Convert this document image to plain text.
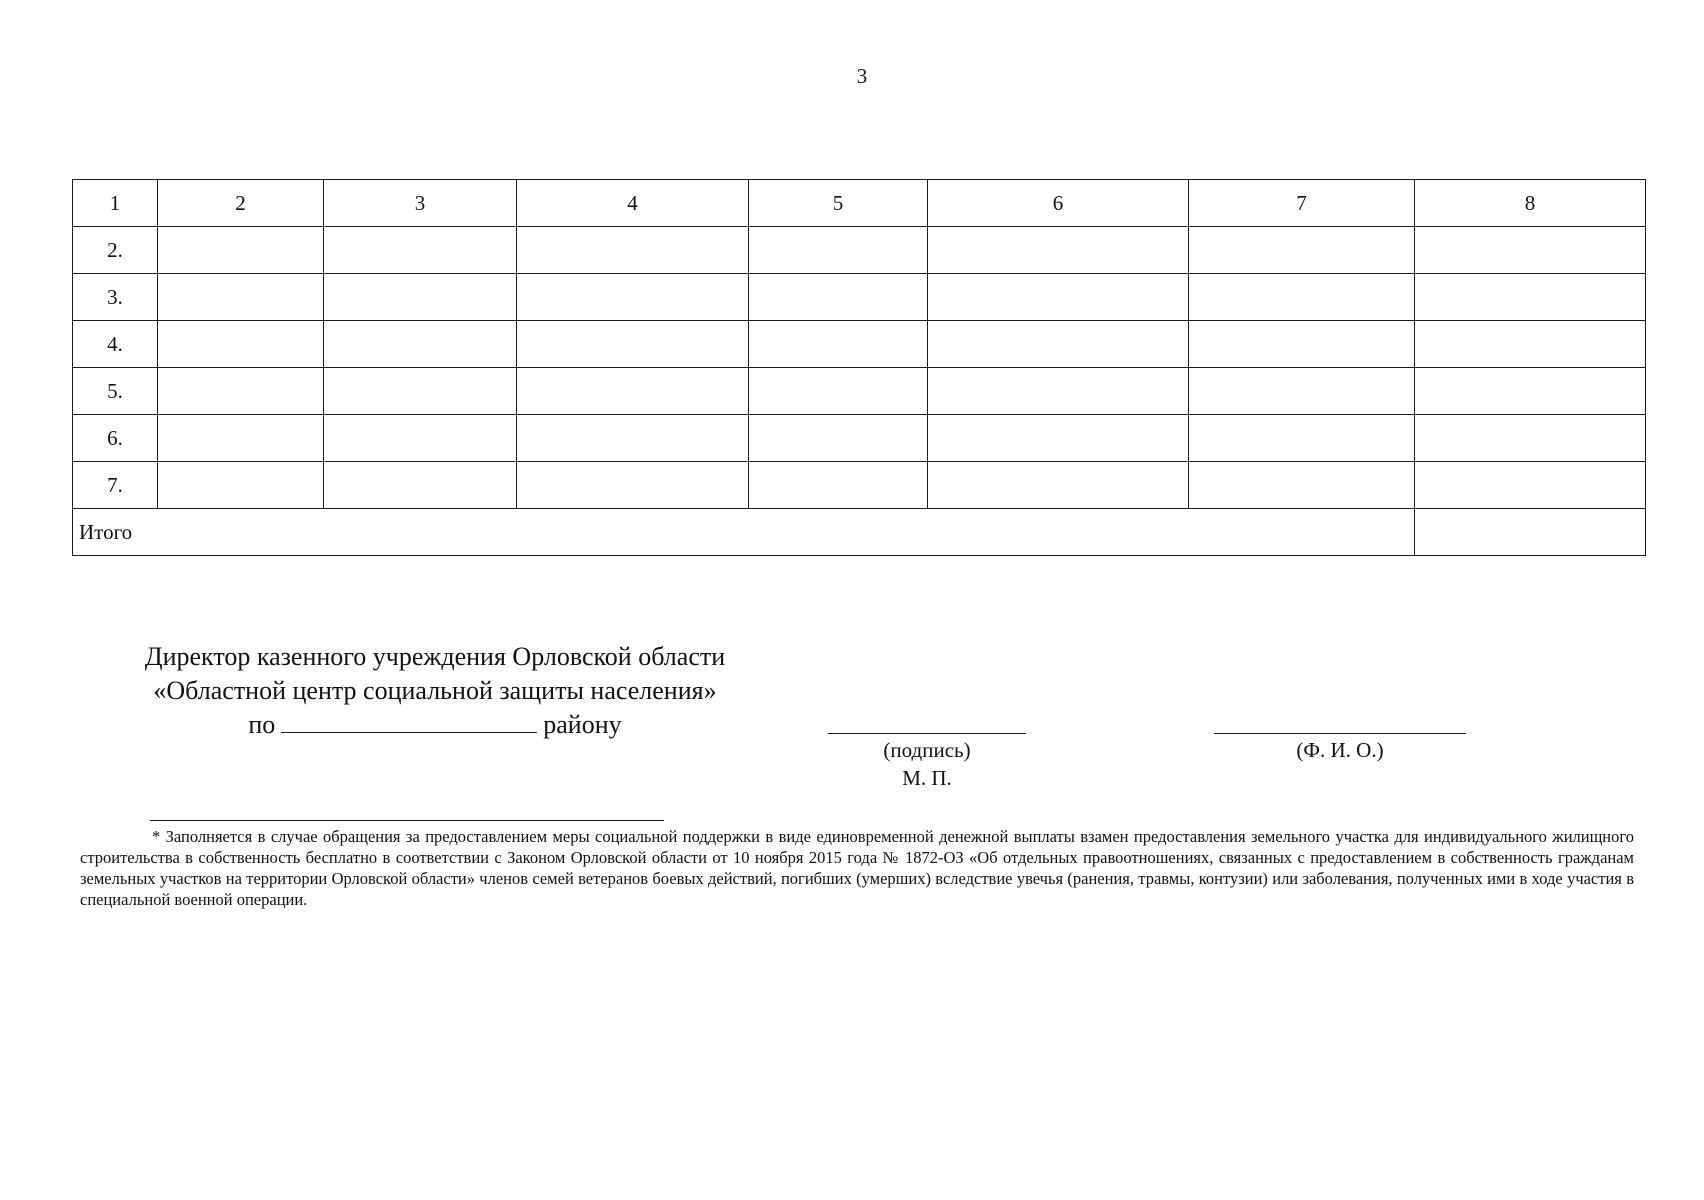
3
1	2	3	4	5	6	7	8
2.							
3.							
4.							
5.							
6.							
7.							
Итого							
Директор казенного учреждения Орловской области
«Областной центр социальной защиты населения»
по	району
(подпись)
М. П.
(Ф. И. О.)
* Заполняется в случае обращения за предоставлением меры социальной поддержки в виде единовременной денежной выплаты взамен предоставления земельного участка для индивидуального жилищного строительства в собственность бесплатно в соответствии с Законом Орловской области от 10 ноября 2015 года № 1872-ОЗ «Об отдельных правоотношениях, связанных с предоставлением в собственность гражданам земельных участков на территории Орловской области» членов семей ветеранов боевых действий, погибших (умерших) вследствие увечья (ранения, травмы, контузии) или заболевания, полученных ими в ходе участия в специальной военной операции.
